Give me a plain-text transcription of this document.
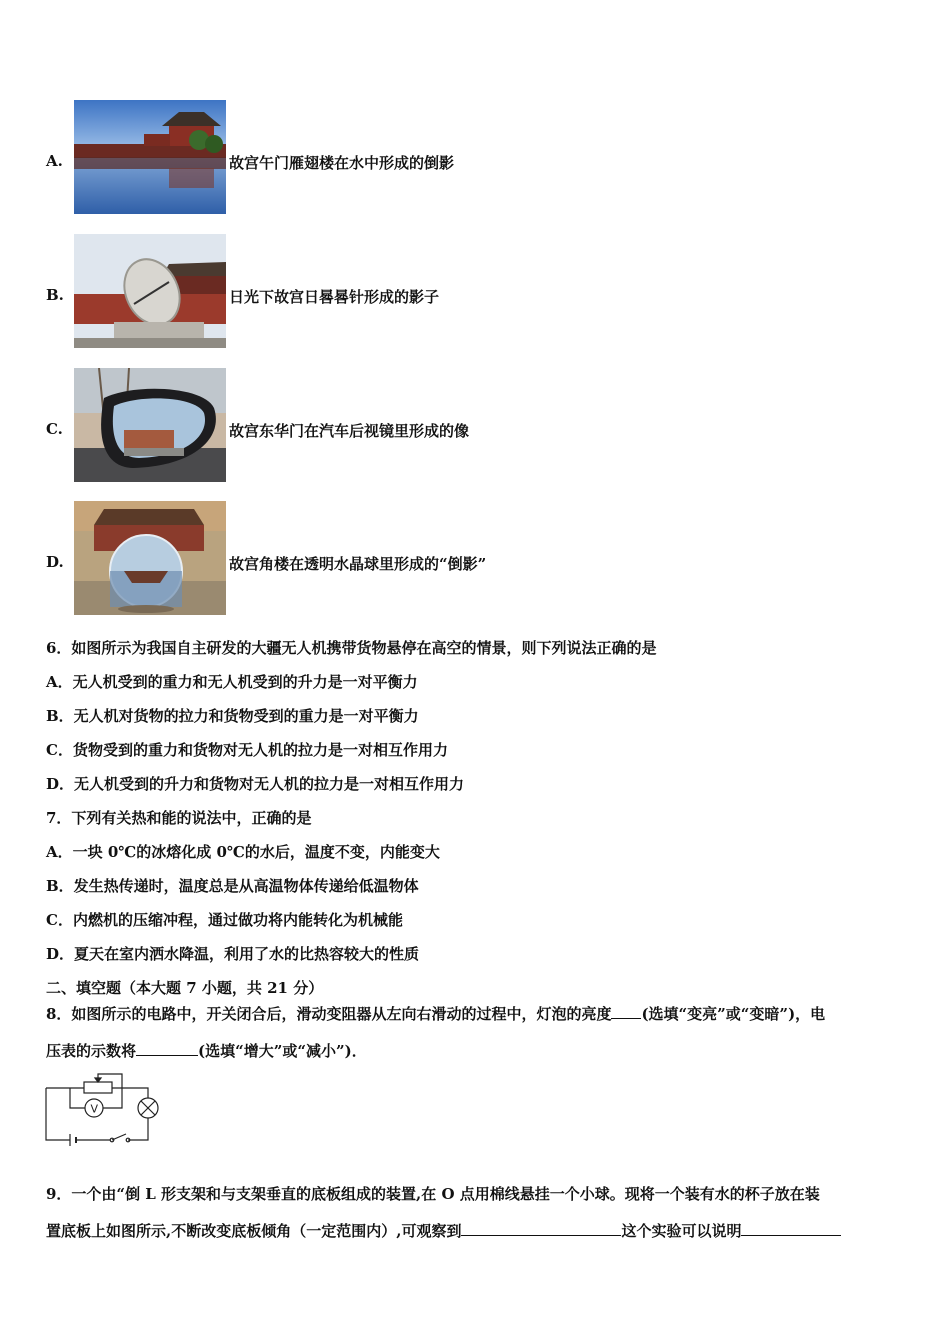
A.	故宫午门雁翅楼在水中形成的倒影
B.	日光下故宫日晷晷针形成的影子
C.	故宫东华门在汽车后视镜里形成的像
D.	故宫角楼在透明水晶球里形成的“倒影”
6．如图所示为我国自主研发的大疆无人机携带货物悬停在高空的情景，则下列说法正确的是
A．无人机受到的重力和无人机受到的升力是一对平衡力
B．无人机对货物的拉力和货物受到的重力是一对平衡力
C．货物受到的重力和货物对无人机的拉力是一对相互作用力
D．无人机受到的升力和货物对无人机的拉力是一对相互作用力
7．下列有关热和能的说法中，正确的是
A．一块 0℃的冰熔化成 0℃的水后，温度不变，内能变大
B．发生热传递时，温度总是从高温物体传递给低温物体
C．内燃机的压缩冲程，通过做功将内能转化为机械能
D．夏天在室内洒水降温，利用了水的比热容较大的性质
二、填空题（本大题 7 小题，共 21 分）
8．如图所示的电路中，开关闭合后，滑动变阻器从左向右滑动的过程中，灯泡的亮度 (选填“变亮”或“变暗”)，电
压表的示数将	(选填“增大”或“减小”)．
V
9．一个由“倒 L 形支架和与支架垂直的底板组成的装置,在 O 点用棉线悬挂一个小球。现将一个装有水的杯子放在装
置底板上如图所示,不断改变底板倾角（一定范围内）,可观察到	这个实验可以说明
